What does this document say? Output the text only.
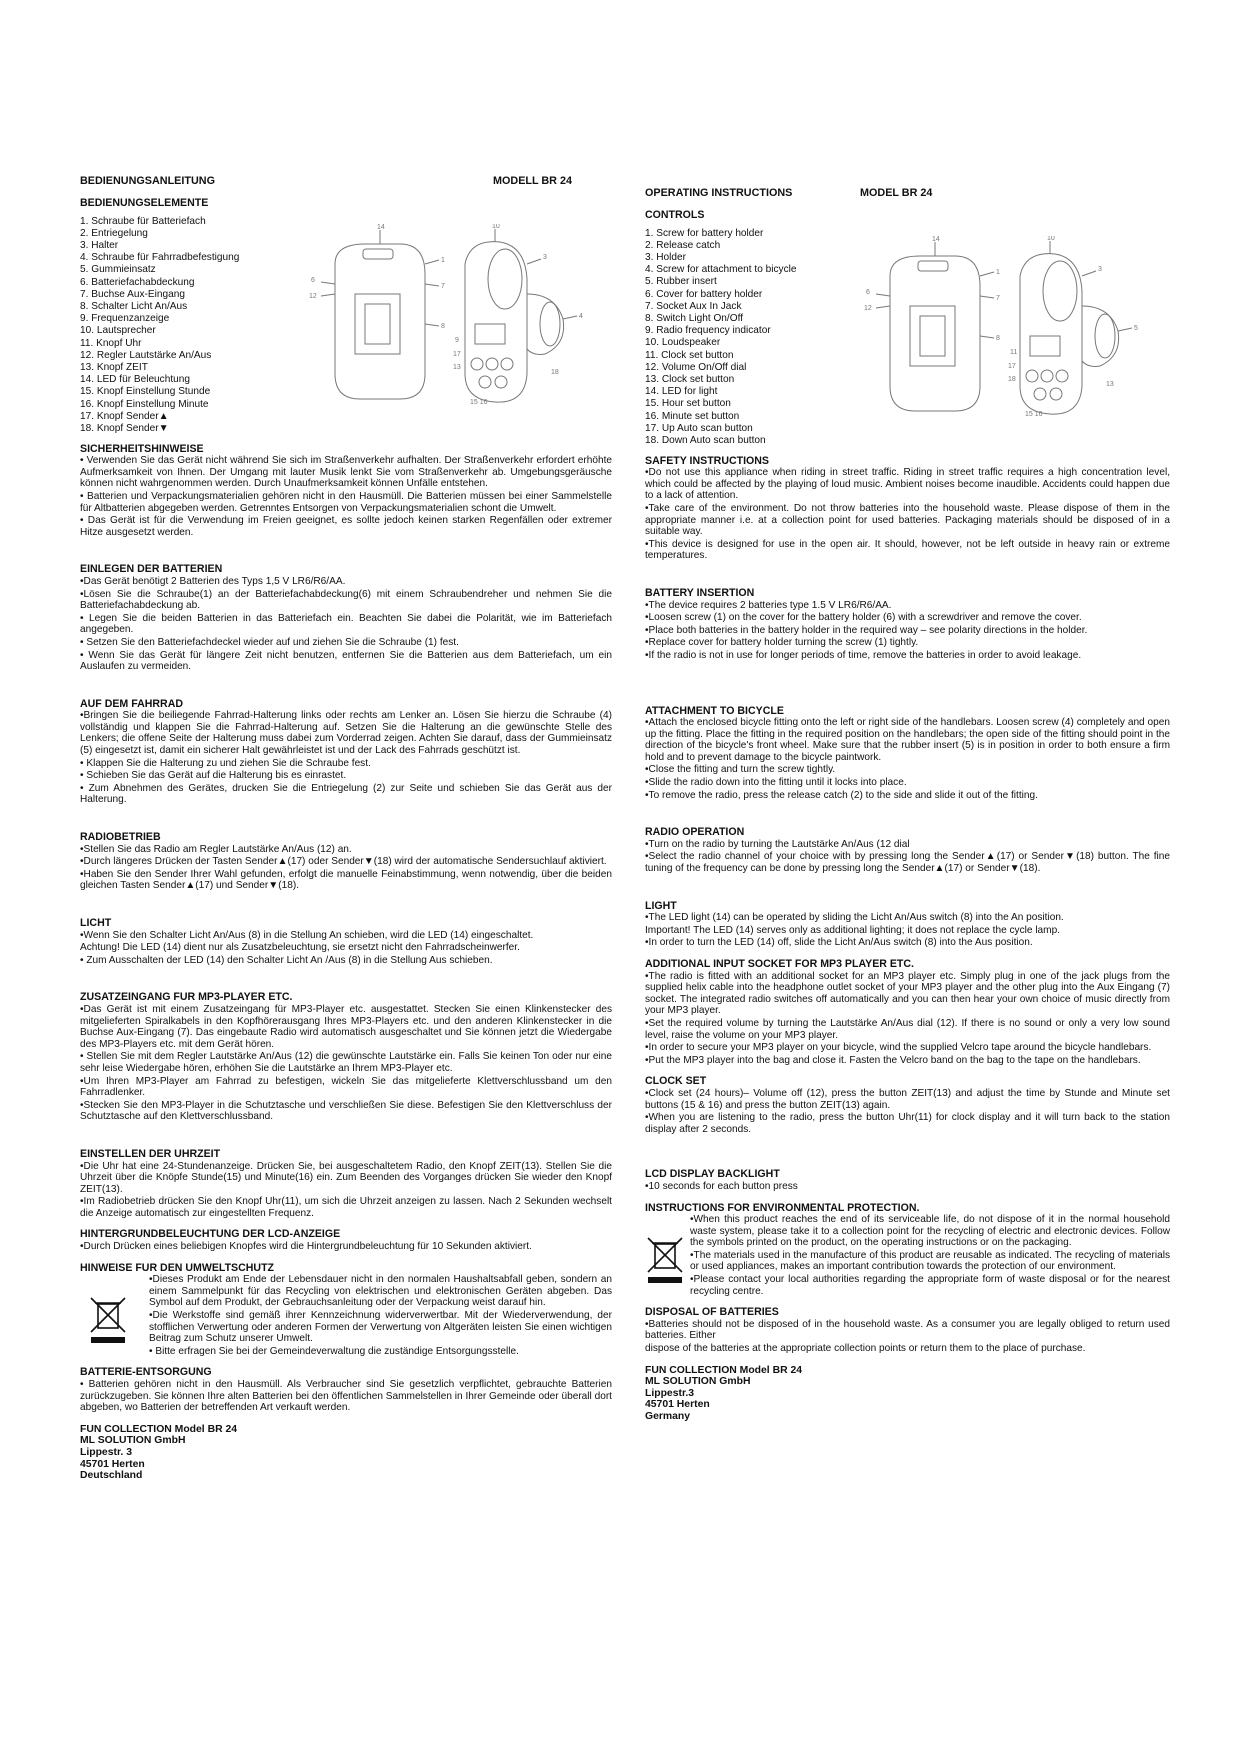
BEDIENUNGSANLEITUNG	MODELL BR 24
BEDIENUNGSELEMENTE
1. Schraube für Batteriefach
2. Entriegelung
3. Halter
4. Schraube für Fahrradbefestigung
5. Gummieinsatz
6. Batteriefachabdeckung
7. Buchse Aux-Eingang
8. Schalter Licht An/Aus
9. Frequenzanzeige
10. Lautsprecher
11. Knopf Uhr
12. Regler Lautstärke An/Aus
13. Knopf ZEIT
14. LED für Beleuchtung
15. Knopf Einstellung Stunde
16. Knopf Einstellung Minute
17. Knopf Sender▲
18. Knopf Sender▼
14	10
1
7
8
6
12
3
4
9
17
13
18
15 16
SICHERHEITSHINWEISE

• Verwenden Sie das Gerät nicht während Sie sich im Straßenverkehr aufhalten. Der Straßenverkehr erfordert erhöhte Aufmerksamkeit von Ihnen. Der Umgang mit lauter Musik lenkt Sie vom Straßenverkehr ab. Umgebungsgeräusche können nicht wahrgenommen werden. Durch Unaufmerksamkeit können Unfälle entstehen.

• Batterien und Verpackungsmaterialien gehören nicht in den Hausmüll. Die Batterien müssen bei einer Sammelstelle für Altbatterien abgegeben werden. Getrenntes Entsorgen von Verpackungsmaterialien schont die Umwelt.

• Das Gerät ist für die Verwendung im Freien geeignet, es sollte jedoch keinen starken Regenfällen oder extremer Hitze ausgesetzt werden.

EINLEGEN DER BATTERIEN

•Das Gerät benötigt 2 Batterien des Typs 1,5 V LR6/R6/AA.

•Lösen Sie die Schraube(1) an der Batteriefachabdeckung(6) mit einem Schraubendreher und nehmen Sie die Batteriefachabdeckung ab.

• Legen Sie die beiden Batterien in das Batteriefach ein. Beachten Sie dabei die Polarität, wie im Batteriefach angegeben.

• Setzen Sie den Batteriefachdeckel wieder auf und ziehen Sie die Schraube (1) fest.

• Wenn Sie das Gerät für längere Zeit nicht benutzen, entfernen Sie die Batterien aus dem Batteriefach, um ein Auslaufen zu vermeiden.

AUF DEM FAHRRAD

•Bringen Sie die beiliegende Fahrrad-Halterung links oder rechts am Lenker an. Lösen Sie hierzu die Schraube (4) vollständig und klappen Sie die Fahrrad-Halterung auf. Setzen Sie die Halterung an die gewünschte Stelle des Lenkers; die offene Seite der Halterung muss dabei zum Vorderrad zeigen. Achten Sie darauf, dass der Gummieinsatz (5) eingesetzt ist, damit ein sicherer Halt gewährleistet ist und der Lack des Fahrrads geschützt ist.

• Klappen Sie die Halterung zu und ziehen Sie die Schraube fest.

• Schieben Sie das Gerät auf die Halterung bis es einrastet.

• Zum Abnehmen des Gerätes, drucken Sie die Entriegelung (2) zur Seite und schieben Sie das Gerät aus der Halterung.

RADIOBETRIEB

•Stellen Sie das Radio am Regler Lautstärke An/Aus (12) an.

•Durch längeres Drücken der Tasten Sender▲(17) oder Sender▼(18) wird der automatische Sendersuchlauf aktiviert.

•Haben Sie den Sender Ihrer Wahl gefunden, erfolgt die manuelle Feinabstimmung, wenn notwendig, über die beiden gleichen Tasten Sender▲(17) und Sender▼(18).

LICHT

•Wenn Sie den Schalter Licht An/Aus (8) in die Stellung An schieben, wird die LED (14) eingeschaltet.

Achtung! Die LED (14) dient nur als Zusatzbeleuchtung, sie ersetzt nicht den Fahrradscheinwerfer.

• Zum Ausschalten der LED (14) den Schalter Licht An /Aus (8) in die Stellung Aus schieben.

ZUSATZEINGANG FUR MP3-PLAYER ETC.

•Das Gerät ist mit einem Zusatzeingang für MP3-Player etc. ausgestattet. Stecken Sie einen Klinkenstecker des mitgelieferten Spiralkabels in den Kopfhörerausgang Ihres MP3-Players etc. und den anderen Klinkenstecker in die Buchse Aux-Eingang (7). Das eingebaute Radio wird automatisch ausgeschaltet und Sie können jetzt die Wiedergabe des MP3-Players etc. mit dem Gerät hören.

• Stellen Sie mit dem Regler Lautstärke An/Aus (12) die gewünschte Lautstärke ein. Falls Sie keinen Ton oder nur eine sehr leise Wiedergabe hören, erhöhen Sie die Lautstärke an Ihrem MP3-Player etc.

•Um Ihren MP3-Player am Fahrrad zu befestigen, wickeln Sie das mitgelieferte Klettverschlussband um den Fahrradlenker.

•Stecken Sie den MP3-Player in die Schutztasche und verschließen Sie diese. Befestigen Sie den Klettverschluss der Schutztasche auf den Klettverschlussband.

EINSTELLEN DER UHRZEIT

•Die Uhr hat eine 24-Stundenanzeige. Drücken Sie, bei ausgeschaltetem Radio, den Knopf ZEIT(13). Stellen Sie die Uhrzeit über die Knöpfe Stunde(15) und Minute(16) ein. Zum Beenden des Vorganges drücken Sie wieder den Knopf ZEIT(13).

•Im Radiobetrieb drücken Sie den Knopf Uhr(11), um sich die Uhrzeit anzeigen zu lassen. Nach 2 Sekunden wechselt die Anzeige automatisch zur eingestellten Frequenz.

HINTERGRUNDBELEUCHTUNG DER LCD-ANZEIGE

•Durch Drücken eines beliebigen Knopfes wird die Hintergrundbeleuchtung für 10 Sekunden aktiviert.

HINWEISE FUR DEN UMWELTSCHUTZ

•Dieses Produkt am Ende der Lebensdauer nicht in den normalen Haushaltsabfall geben, sondern an einem Sammelpunkt für das Recycling von elektrischen und elektronischen Geräten abgeben. Das Symbol auf dem Produkt, der Gebrauchsanleitung oder der Verpackung weist darauf hin.

•Die Werkstoffe sind gemäß ihrer Kennzeichnung widerverwertbar. Mit der Wiederverwendung, der stofflichen Verwertung oder anderen Formen der Verwertung von Altgeräten leisten Sie einen wichtigen Beitrag zum Schutz unserer Umwelt.

• Bitte erfragen Sie bei der Gemeindeverwaltung die zuständige Entsorgungsstelle.

BATTERIE-ENTSORGUNG

• Batterien gehören nicht in den Hausmüll. Als Verbraucher sind Sie gesetzlich verpflichtet, gebrauchte Batterien zurückzugeben. Sie können Ihre alten Batterien bei den öffentlichen Sammelstellen in Ihrer Gemeinde oder überall dort abgeben, wo Batterien der betreffenden Art verkauft werden.

FUN COLLECTION Model BR 24
ML SOLUTION GmbH
Lippestr. 3
45701 Herten
Deutschland
OPERATING INSTRUCTIONS	MODEL BR 24
CONTROLS
1. Screw for battery holder
2. Release catch
3. Holder
4. Screw for attachment to bicycle
5. Rubber insert
6. Cover for battery holder
7. Socket Aux In Jack
8. Switch Light On/Off
9. Radio frequency indicator
10. Loudspeaker
11. Clock set button
12. Volume On/Off dial
13. Clock set button
14. LED for light
15. Hour set button
16. Minute set button
17. Up Auto scan button
18. Down Auto scan button
14	10
1
7
8
6
12
3
5
11
17
18
13
15 16
SAFETY INSTRUCTIONS

•Do not use this appliance when riding in street traffic. Riding in street traffic requires a high concentration level, which could be affected by the playing of loud music. Ambient noises become inaudible. Accidents could happen due to a lack of attention.

•Take care of the environment. Do not throw batteries into the household waste. Please dispose of them in the appropriate manner i.e. at a collection point for used batteries. Packaging materials should be disposed of in a suitable way.

•This device is designed for use in the open air. It should, however, not be left outside in heavy rain or extreme temperatures.

BATTERY INSERTION

•The device requires 2 batteries type 1.5 V LR6/R6/AA.

•Loosen screw (1) on the cover for the battery holder (6) with a screwdriver and remove the cover.

•Place both batteries in the battery holder in the required way – see polarity directions in the holder.

•Replace cover for battery holder turning the screw (1) tightly.

•If the radio is not in use for longer periods of time, remove the batteries in order to avoid leakage.

ATTACHMENT TO BICYCLE

•Attach the enclosed bicycle fitting onto the left or right side of the handlebars. Loosen screw (4) completely and open up the fitting. Place the fitting in the required position on the handlebars; the open side of the fitting should point in the direction of the bicycle's front wheel. Make sure that the rubber insert (5) is in position in order to both ensure a firm hold and to prevent damage to the bicycle paintwork.

•Close the fitting and turn the screw tightly.

•Slide the radio down into the fitting until it locks into place.

•To remove the radio, press the release catch (2) to the side and slide it out of the fitting.

RADIO OPERATION

•Turn on the radio by turning the Lautstärke An/Aus (12 dial

•Select the radio channel of your choice with by pressing long the Sender▲(17) or Sender▼(18) button. The fine tuning of the frequency can be done by pressing long the Sender▲(17) or Sender▼(18).

LIGHT

•The LED light (14) can be operated by sliding the Licht An/Aus switch (8) into the An position.

Important! The LED (14) serves only as additional lighting; it does not replace the cycle lamp.

•In order to turn the LED (14) off, slide the Licht An/Aus switch (8) into the Aus position.

ADDITIONAL INPUT SOCKET FOR MP3 PLAYER ETC.

•The radio is fitted with an additional socket for an MP3 player etc. Simply plug in one of the jack plugs from the supplied helix cable into the headphone outlet socket of your MP3 player and the other plug into the Aux Eingang (7) socket. The integrated radio switches off automatically and you can then hear your own choice of music directly from your MP3 player.

•Set the required volume by turning the Lautstärke An/Aus dial (12). If there is no sound or only a very low sound level, raise the volume on your MP3 player.

•In order to secure your MP3 player on your bicycle, wind the supplied Velcro tape around the bicycle handlebars.

•Put the MP3 player into the bag and close it. Fasten the Velcro band on the bag to the tape on the handlebars.

CLOCK SET

•Clock set (24 hours)– Volume off (12), press the button ZEIT(13) and adjust the time by Stunde and Minute set buttons (15 & 16) and press the button ZEIT(13) again.

•When you are listening to the radio, press the button Uhr(11) for clock display and it will turn back to the station display after 2 seconds.

LCD DISPLAY BACKLIGHT

•10 seconds for each button press

INSTRUCTIONS FOR ENVIRONMENTAL PROTECTION.

•When this product reaches the end of its serviceable life, do not dispose of it in the normal household waste system, please take it to a collection point for the recycling of electric and electronic devices. Follow the symbols printed on the product, on the operating instructions or on the packaging.

•The materials used in the manufacture of this product are reusable as indicated. The recycling of materials or used appliances, makes an important contribution towards the protection of our environment.

•Please contact your local authorities regarding the appropriate form of waste disposal or for the nearest recycling centre.

DISPOSAL OF BATTERIES

•Batteries should not be disposed of in the household waste. As a consumer you are legally obliged to return used batteries. Either

dispose of the batteries at the appropriate collection points or return them to the place of purchase.

FUN COLLECTION Model BR 24
ML SOLUTION GmbH
Lippestr.3
45701 Herten
Germany
